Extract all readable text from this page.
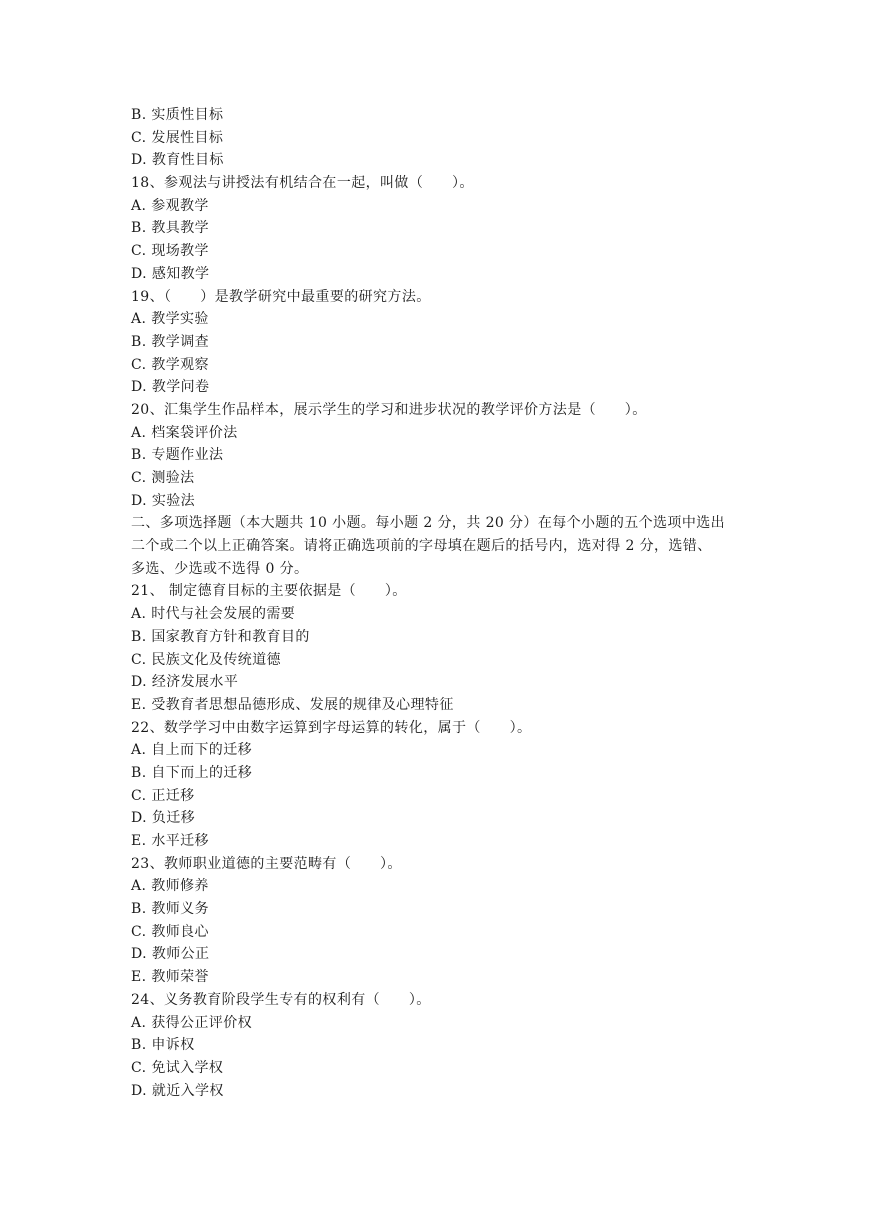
B. 实质性目标
C. 发展性目标
D. 教育性目标
18、参观法与讲授法有机结合在一起，叫做（　　）。
A. 参观教学
B. 教具教学
C. 现场教学
D. 感知教学
19、（　　）是教学研究中最重要的研究方法。
A. 教学实验
B. 教学调查
C. 教学观察
D. 教学问卷
20、汇集学生作品样本，展示学生的学习和进步状况的教学评价方法是（　　）。
A. 档案袋评价法
B. 专题作业法
C. 测验法
D. 实验法
二、多项选择题（本大题共 10 小题。每小题 2 分，共 20 分）在每个小题的五个选项中选出
二个或二个以上正确答案。请将正确选项前的字母填在题后的括号内，选对得 2 分，选错、
多选、少选或不选得 0 分。
21、 制定德育目标的主要依据是（　　）。
A. 时代与社会发展的需要
B. 国家教育方针和教育目的
C. 民族文化及传统道德
D. 经济发展水平
E. 受教育者思想品德形成、发展的规律及心理特征
22、数学学习中由数字运算到字母运算的转化，属于（　　）。
A. 自上而下的迁移
B. 自下而上的迁移
C. 正迁移
D. 负迁移
E. 水平迁移
23、教师职业道德的主要范畴有（　　）。
A. 教师修养
B. 教师义务
C. 教师良心
D. 教师公正
E. 教师荣誉
24、义务教育阶段学生专有的权利有（　　）。
A. 获得公正评价权
B. 申诉权
C. 免试入学权
D. 就近入学权
